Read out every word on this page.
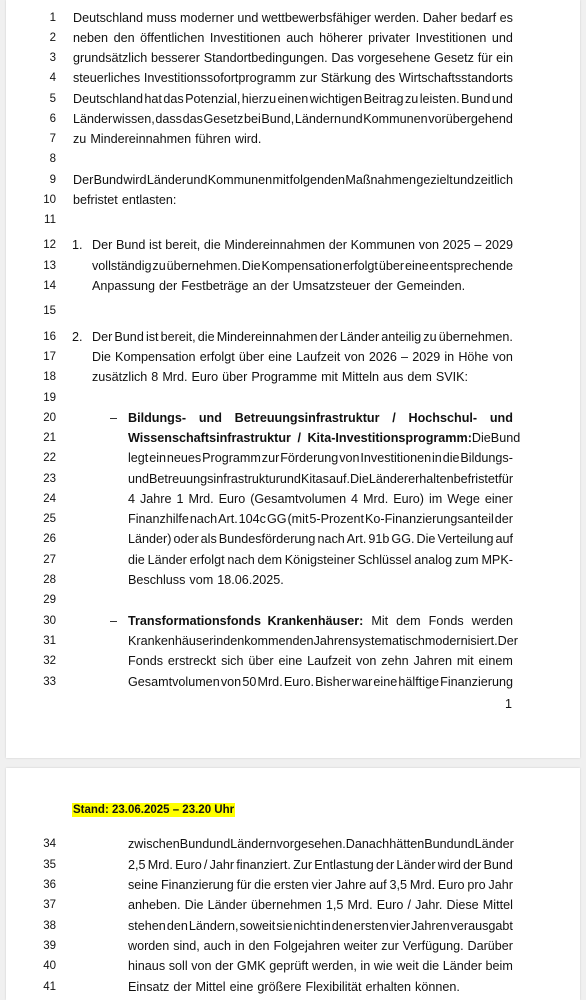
1 Deutschland muss moderner und wettbewerbsfähiger werden. Daher bedarf es
2 neben den öffentlichen Investitionen auch höherer privater Investitionen und
3 grundsätzlich besserer Standortbedingungen. Das vorgesehene Gesetz für ein
4 steuerliches Investitionssofortprogramm zur Stärkung des Wirtschaftsstandorts
5 Deutschland hat das Potenzial, hierzu einen wichtigen Beitrag zu leisten. Bund und
6 Länder wissen, dass das Gesetz bei Bund, Ländern und Kommunen vorübergehend
7 zu Mindereinnahmen führen wird.
8
9 Der Bund wird Länder und Kommunen mit folgenden Maßnahmen gezielt und zeitlich
10 befristet entlasten:
11
12 1. Der Bund ist bereit, die Mindereinnahmen der Kommunen von 2025 – 2029
13	vollständig zu übernehmen. Die Kompensation erfolgt über eine entsprechende
14	Anpassung der Festbeträge an der Umsatzsteuer der Gemeinden.
15
16 2. Der Bund ist bereit, die Mindereinnahmen der Länder anteilig zu übernehmen.
17	Die Kompensation erfolgt über eine Laufzeit von 2026 – 2029 in Höhe von
18	zusätzlich 8 Mrd. Euro über Programme mit Mitteln aus dem SVIK:
19
20	– Bildungs- und Betreuungsinfrastruktur / Hochschul- und
21	Wissenschaftsinfrastruktur / Kita-Investitionsprogramm: Die Bund
22	legt ein neues Programm zur Förderung von Investitionen in die Bildungs-
23	und Betreuungsinfrastruktur und Kitas auf. Die Länder erhalten befristet für
24	4 Jahre 1 Mrd. Euro (Gesamtvolumen 4 Mrd. Euro) im Wege einer
25	Finanzhilfe nach Art. 104c GG (mit 5-Prozent Ko-Finanzierungsanteil der
26	Länder) oder als Bundesförderung nach Art. 91b GG. Die Verteilung auf
27	die Länder erfolgt nach dem Königsteiner Schlüssel analog zum MPK-
28	Beschluss vom 18.06.2025.
29
30	– Transformationsfonds Krankenhäuser: Mit dem Fonds werden
31	Krankenhäuser in den kommenden Jahren systematisch modernisiert. Der
32	Fonds erstreckt sich über eine Laufzeit von zehn Jahren mit einem
33	Gesamtvolumen von 50 Mrd. Euro. Bisher war eine hälftige Finanzierung
1
Stand: 23.06.2025 – 23.20 Uhr
34	zwischen Bund und Ländern vorgesehen. Danach hätten Bund und Länder
35	2,5 Mrd. Euro / Jahr finanziert. Zur Entlastung der Länder wird der Bund
36	seine Finanzierung für die ersten vier Jahre auf 3,5 Mrd. Euro pro Jahr
37	anheben. Die Länder übernehmen 1,5 Mrd. Euro / Jahr. Diese Mittel
38	stehen den Ländern, soweit sie nicht in den ersten vier Jahren verausgabt
39	worden sind, auch in den Folgejahren weiter zur Verfügung. Darüber
40	hinaus soll von der GMK geprüft werden, in wie weit die Länder beim
41	Einsatz der Mittel eine größere Flexibilität erhalten können.
